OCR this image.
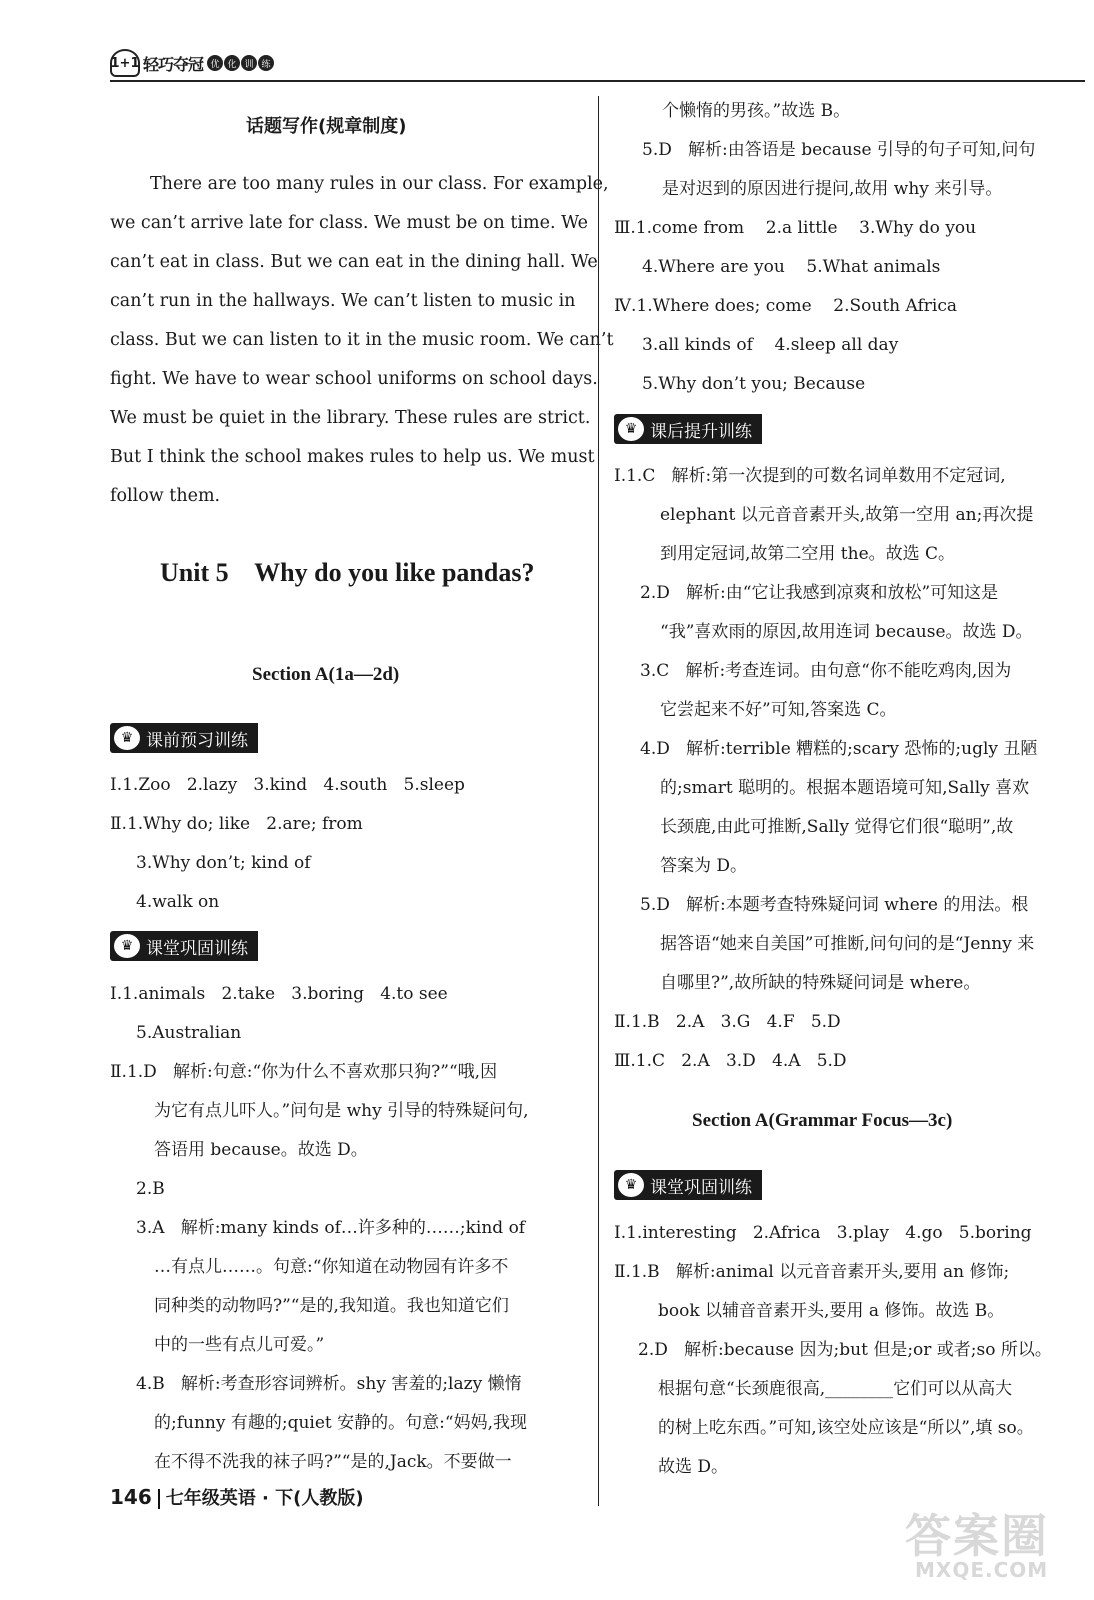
1+1 轻巧夺冠 优 化 训 练
话题写作(规章制度)
There are too many rules in our class. For example,
we can’t arrive late for class. We must be on time. We
can’t eat in class. But we can eat in the dining hall. We
can’t run in the hallways. We can’t listen to music in
class. But we can listen to it in the music room. We can’t
fight. We have to wear school uniforms on school days.
We must be quiet in the library. These rules are strict.
But I think the school makes rules to help us. We must
follow them.
Unit 5    Why do you like pandas?
Section A(1a—2d)
♛ 课前预习训练
Ⅰ.1.Zoo   2.lazy   3.kind   4.south   5.sleep
Ⅱ.1.Why do; like   2.are; from
3.Why don’t; kind of
4.walk on
♛ 课堂巩固训练
Ⅰ.1.animals   2.take   3.boring   4.to see
5.Australian
Ⅱ.1.D   解析:句意:“你为什么不喜欢那只狗?”“哦,因
为它有点儿吓人。”问句是 why 引导的特殊疑问句,
答语用 because。故选 D。
2.B
3.A   解析:many kinds of…许多种的……;kind of
…有点儿……。句意:“你知道在动物园有许多不
同种类的动物吗?”“是的,我知道。我也知道它们
中的一些有点儿可爱。”
4.B   解析:考查形容词辨析。shy 害羞的;lazy 懒惰
的;funny 有趣的;quiet 安静的。句意:“妈妈,我现
在不得不洗我的袜子吗?”“是的,Jack。不要做一
个懒惰的男孩。”故选 B。
5.D   解析:由答语是 because 引导的句子可知,问句
是对迟到的原因进行提问,故用 why 来引导。
Ⅲ.1.come from    2.a little    3.Why do you
4.Where are you    5.What animals
Ⅳ.1.Where does; come    2.South Africa
3.all kinds of    4.sleep all day
5.Why don’t you; Because
♛ 课后提升训练
Ⅰ.1.C   解析:第一次提到的可数名词单数用不定冠词,
elephant 以元音音素开头,故第一空用 an;再次提
到用定冠词,故第二空用 the。故选 C。
2.D   解析:由“它让我感到凉爽和放松”可知这是
“我”喜欢雨的原因,故用连词 because。故选 D。
3.C   解析:考查连词。由句意“你不能吃鸡肉,因为
它尝起来不好”可知,答案选 C。
4.D   解析:terrible 糟糕的;scary 恐怖的;ugly 丑陋
的;smart 聪明的。根据本题语境可知,Sally 喜欢
长颈鹿,由此可推断,Sally 觉得它们很“聪明”,故
答案为 D。
5.D   解析:本题考查特殊疑问词 where 的用法。根
据答语“她来自美国”可推断,问句问的是“Jenny 来
自哪里?”,故所缺的特殊疑问词是 where。
Ⅱ.1.B   2.A   3.G   4.F   5.D
Ⅲ.1.C   2.A   3.D   4.A   5.D
Section A(Grammar Focus—3c)
♛ 课堂巩固训练
Ⅰ.1.interesting   2.Africa   3.play   4.go   5.boring
Ⅱ.1.B   解析:animal 以元音音素开头,要用 an 修饰;
book 以辅音音素开头,要用 a 修饰。故选 B。
2.D   解析:because 因为;but 但是;or 或者;so 所以。
根据句意“长颈鹿很高,________它们可以从高大
的树上吃东西。”可知,该空处应该是“所以”,填 so。
故选 D。
146 七年级英语 · 下(人教版)
答案圈
MXQE.COM
